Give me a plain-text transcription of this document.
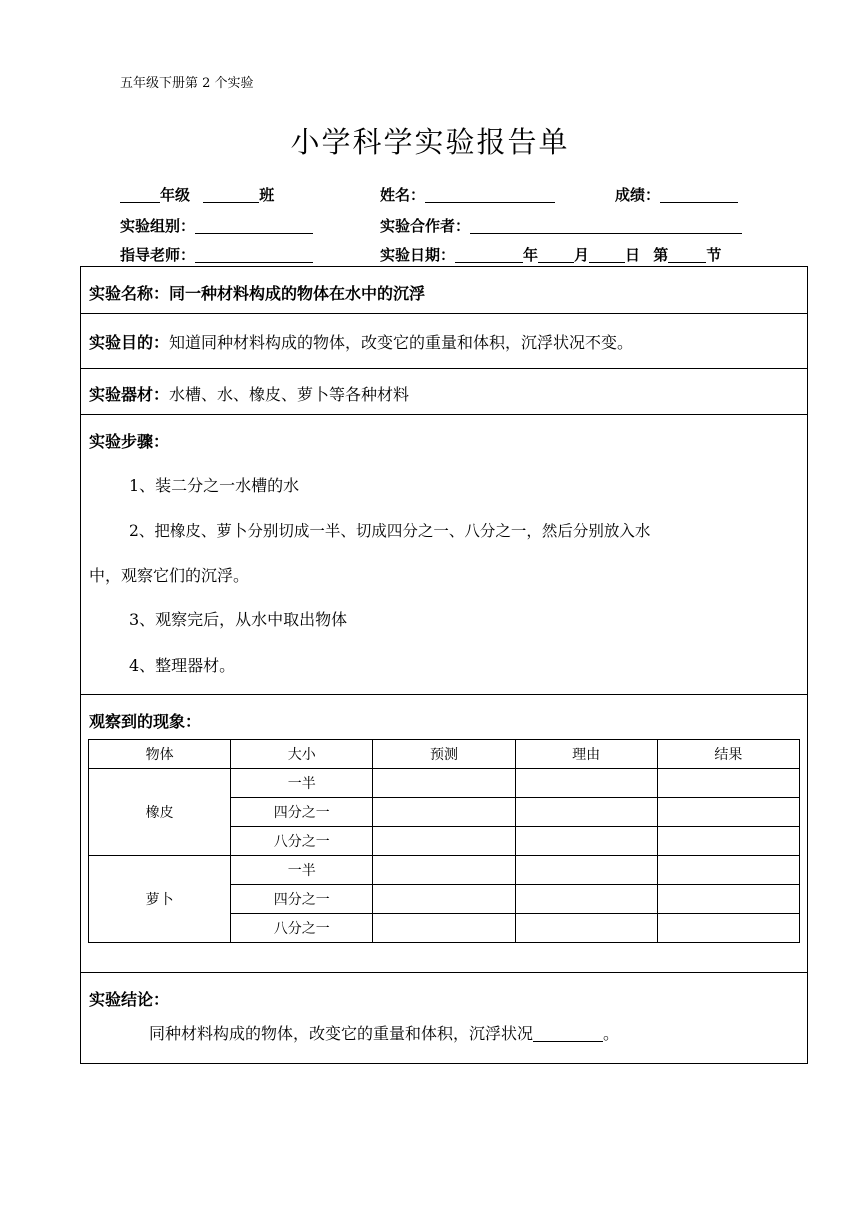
五年级下册第 2 个实验
小学科学实验报告单
年级	班	姓名：	成绩：
实验组别：	实验合作者：
指导老师：	实验日期：	年 月 日 第	节
实验名称：同一种材料构成的物体在水中的沉浮
实验目的：知道同种材料构成的物体，改变它的重量和体积，沉浮状况不变。
实验器材：水槽、水、橡皮、萝卜等各种材料
实验步骤：
1、装二分之一水槽的水
2、把橡皮、萝卜分别切成一半、切成四分之一、八分之一，然后分别放入水
中，观察它们的沉浮。
3、观察完后，从水中取出物体
4、整理器材。
观察到的现象：
物体	大小	预测	理由	结果
橡皮	一半			
	四分之一			
	八分之一			
萝卜	一半			
	四分之一			
	八分之一			
实验结论：
同种材料构成的物体，改变它的重量和体积，沉浮状况	。
